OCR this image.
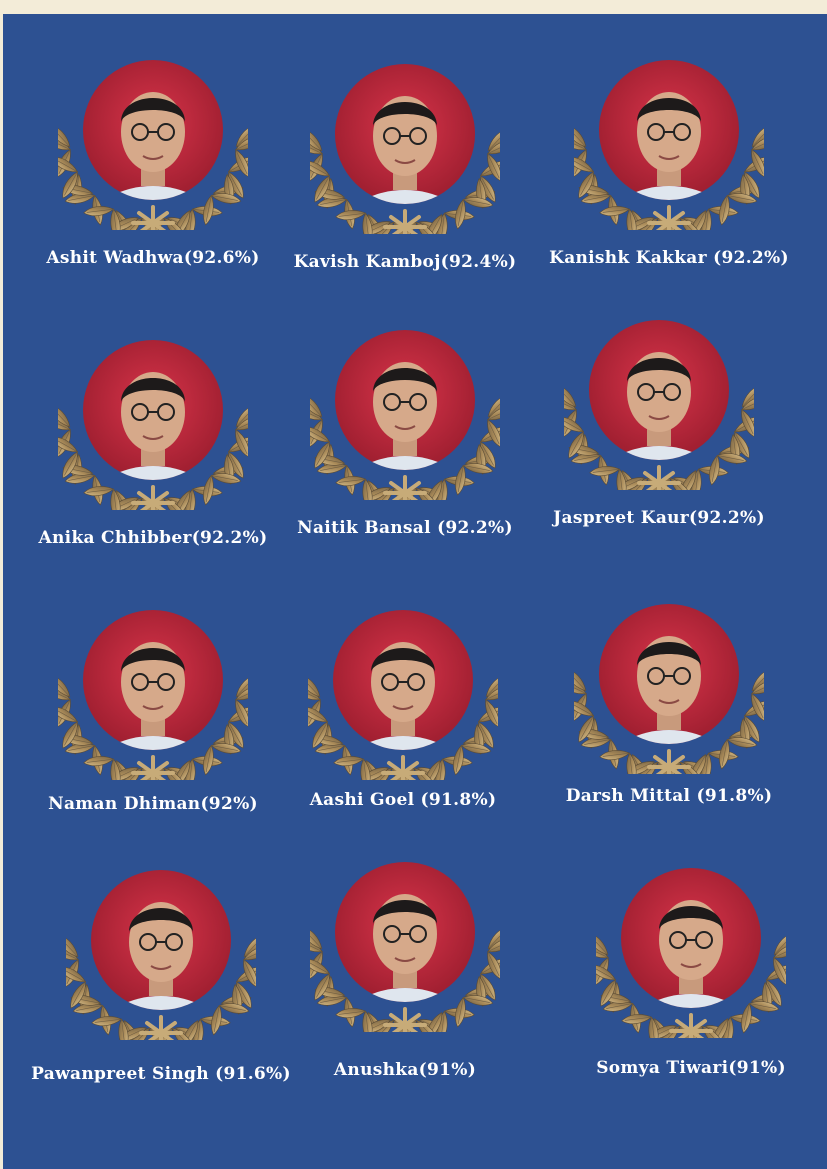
Ashit Wadhwa(92.6%)	Kavish Kamboj(92.4%)	Kanishk Kakkar (92.2%)
Anika Chhibber(92.2%)	Naitik Bansal (92.2%)	Jaspreet Kaur(92.2%)
Naman Dhiman(92%)	Aashi Goel (91.8%)	Darsh Mittal (91.8%)
Pawanpreet Singh (91.6%)	Anushka(91%)	Somya Tiwari(91%)
